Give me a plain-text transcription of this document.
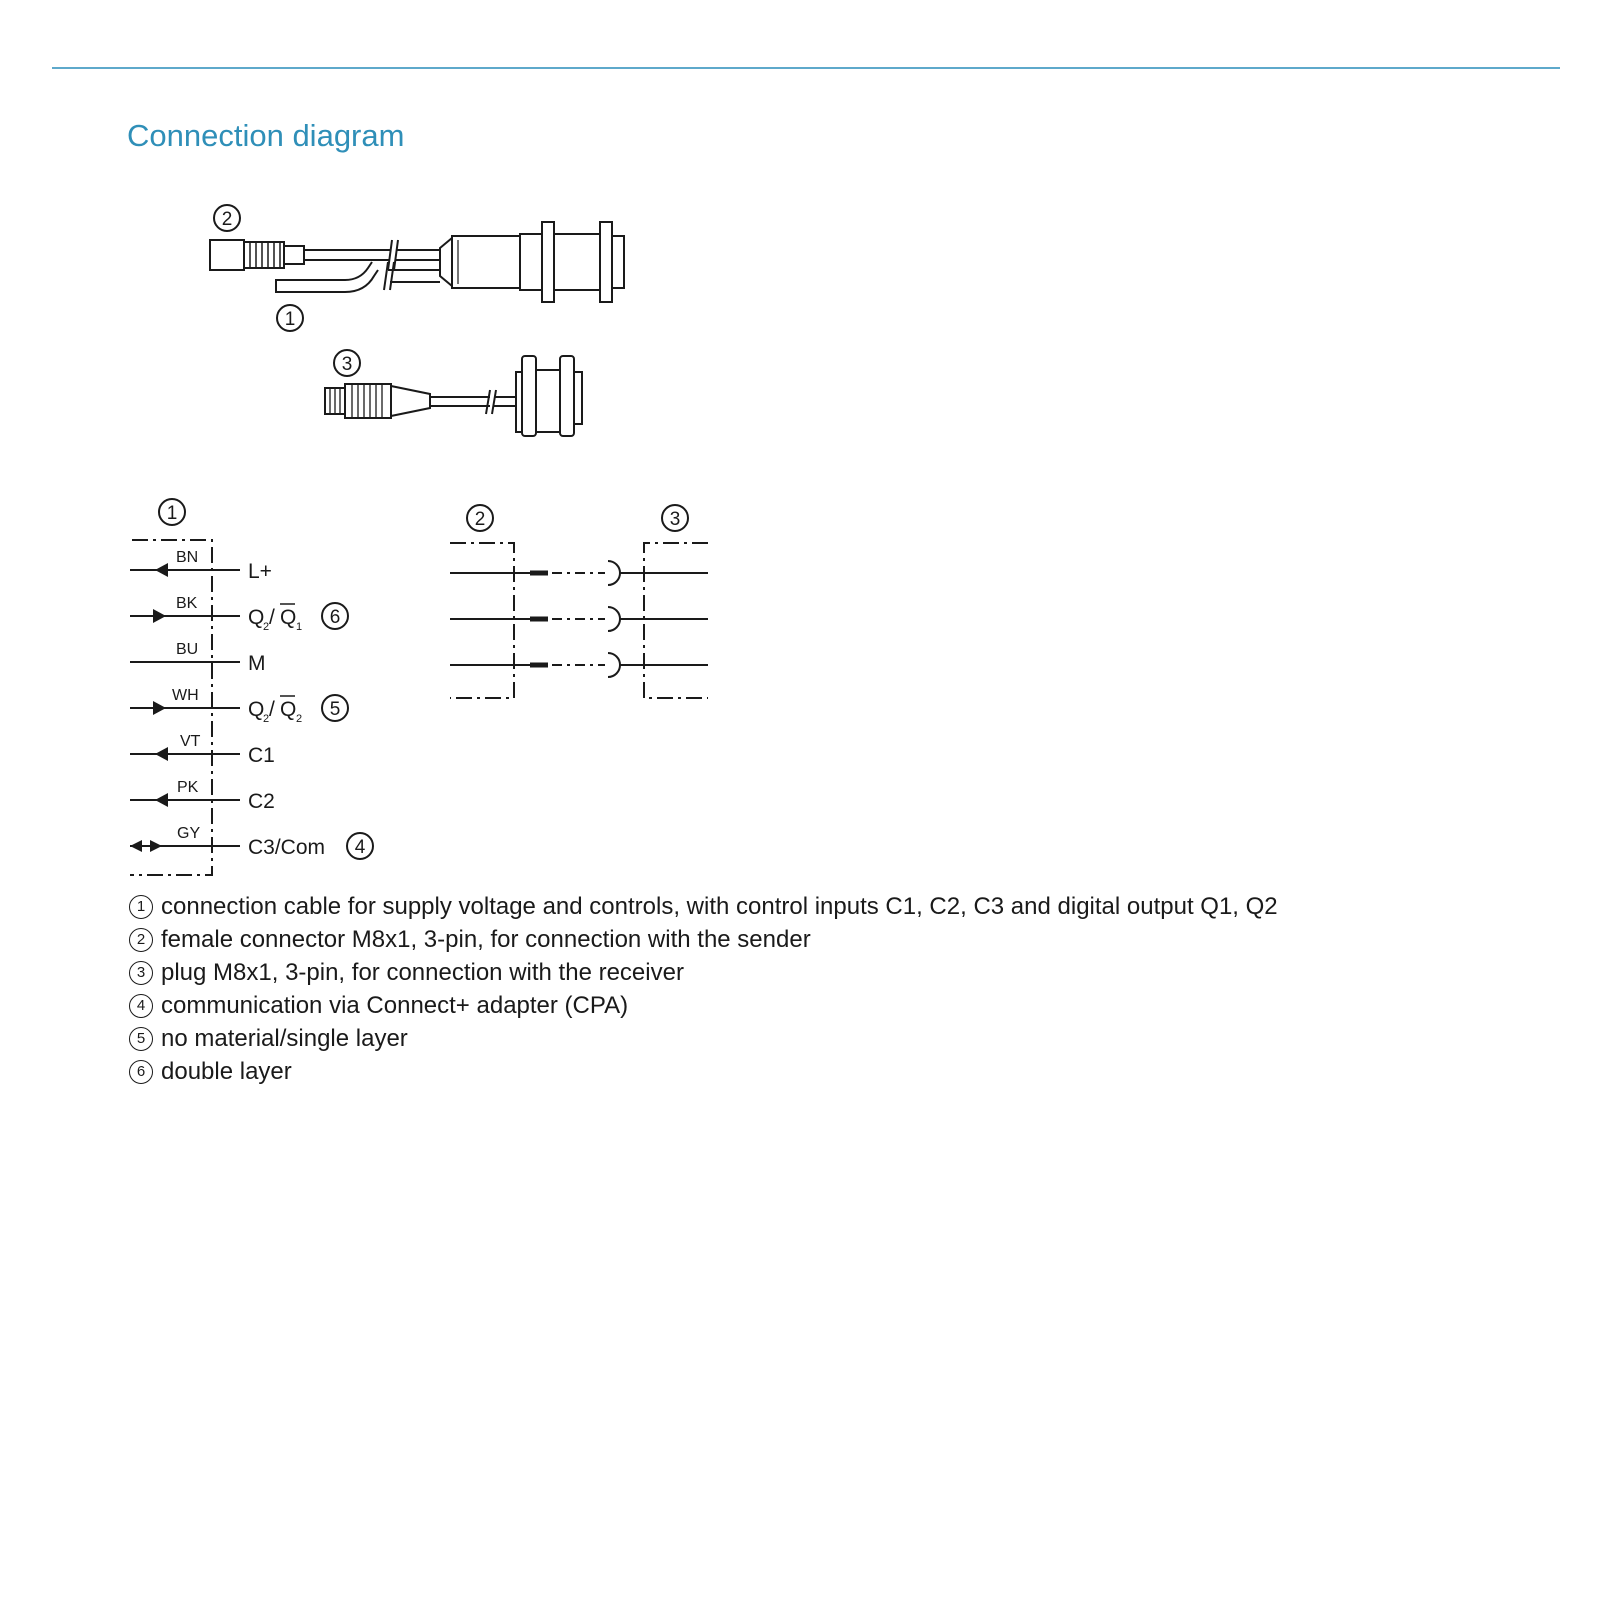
Connection diagram
2
1
3
1
BN
L+
BK
Q
2 / Q 1 6
BU
M
WH
Q
2 / Q 2 5
VT
C1
PK
C2
GY
C3/Com 4
2	3
1 connection cable for supply voltage and controls, with control inputs C1, C2, C3 and digital output Q1, Q2
2 female connector M8x1, 3-pin, for connection with the sender
3 plug M8x1, 3-pin, for connection with the receiver
4 communication via Connect+ adapter (CPA)
5 no material/single layer
6 double layer
